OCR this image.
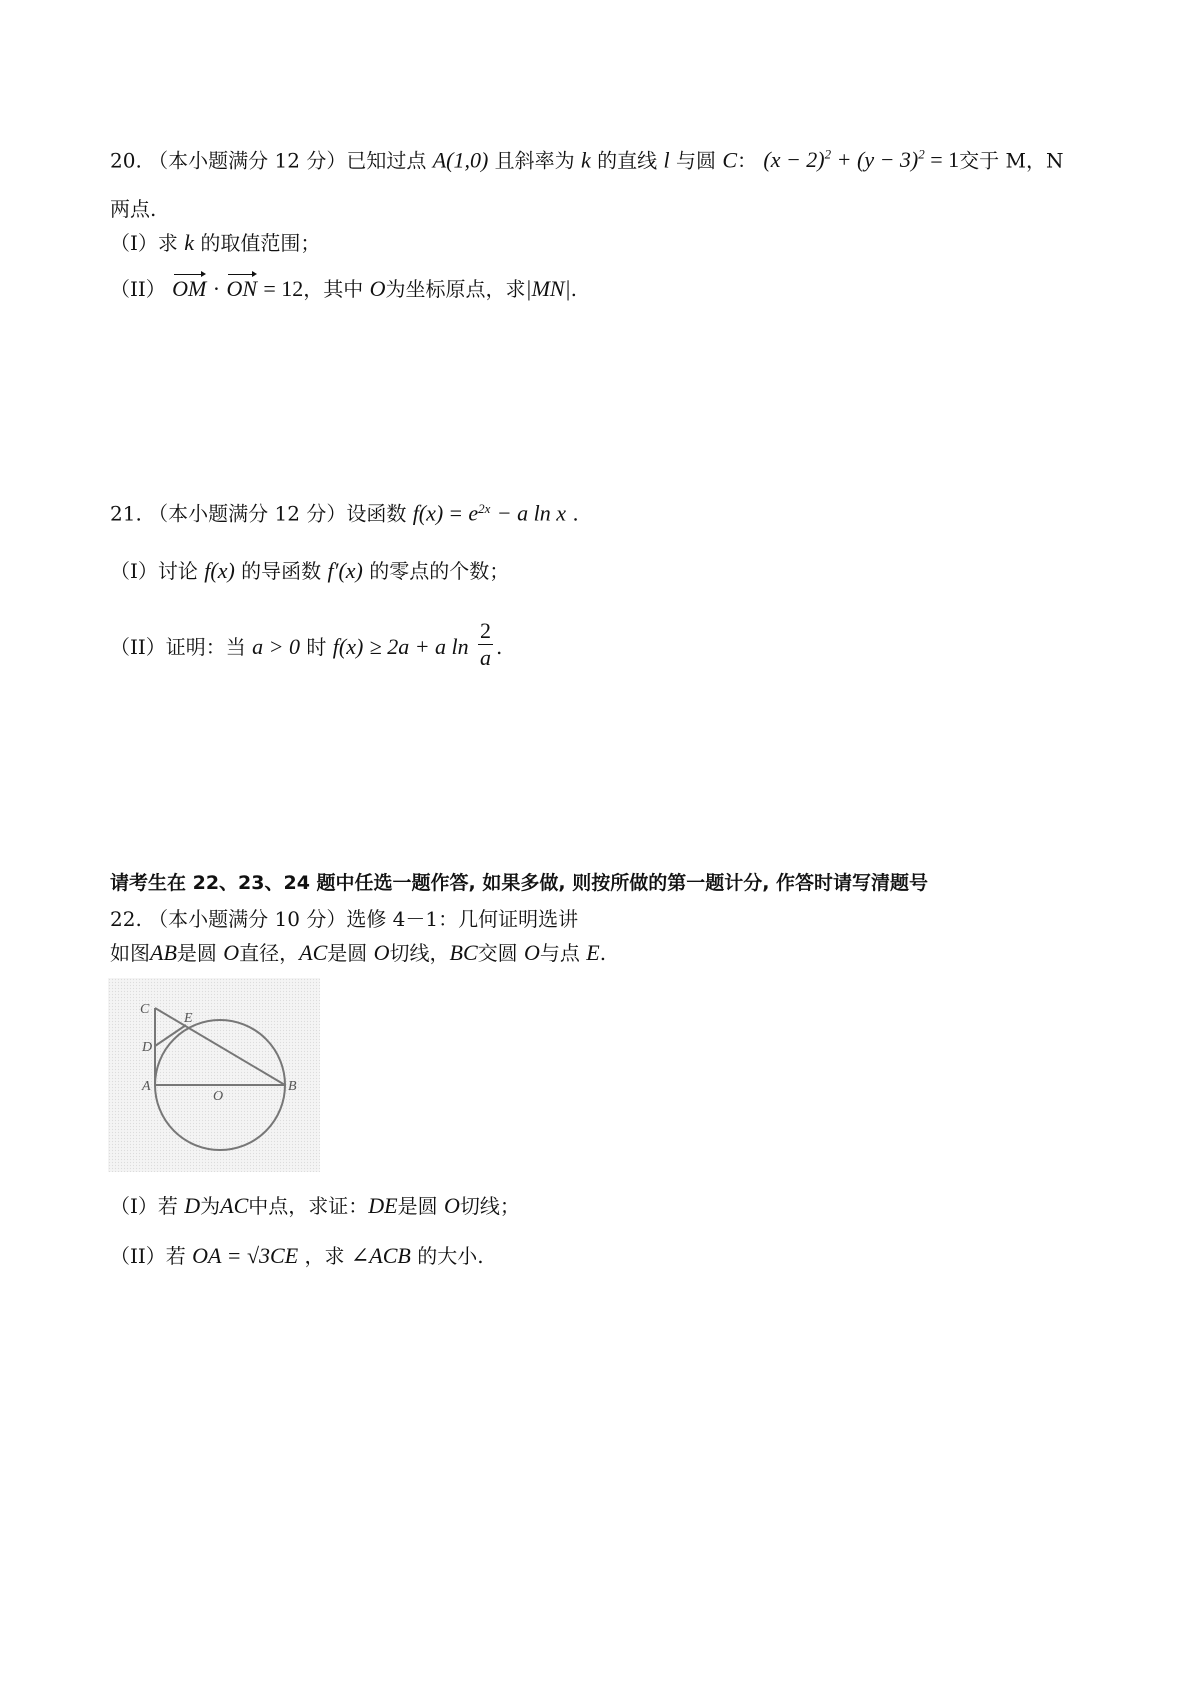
20. （本小题满分 12 分）已知过点 A(1,0) 且斜率为 k 的直线 l 与圆 C： $(x - 2)^2 + (y - 3)^2 = 1$交于 M，N
两点.
（I）求 k 的取值范围；
（II） OM · ON = 12，其中 O为坐标原点，求|MN|.
21. （本小题满分 12 分）设函数 $f(x) = e^{2x} - a$ ln x .
（I）讨论 f(x) 的导函数 f′(x) 的零点的个数；
（II）证明：当 a > 0 时 f(x) ≥ 2a + a $\ln \frac{2}{a}$ .
请考生在 22、23、24 题中任选一题作答, 如果多做, 则按所做的第一题计分, 作答时请写清题号
22. （本小题满分 10 分）选修 4－1：几何证明选讲
如图AB是圆 O直径，AC是圆 O切线，BC交圆 O与点 E.
C
E
D
A
O
B
（I）若 D为AC中点，求证：DE是圆 O切线；
（II）若 OA = √3CE ，求 ∠ACB 的大小.
